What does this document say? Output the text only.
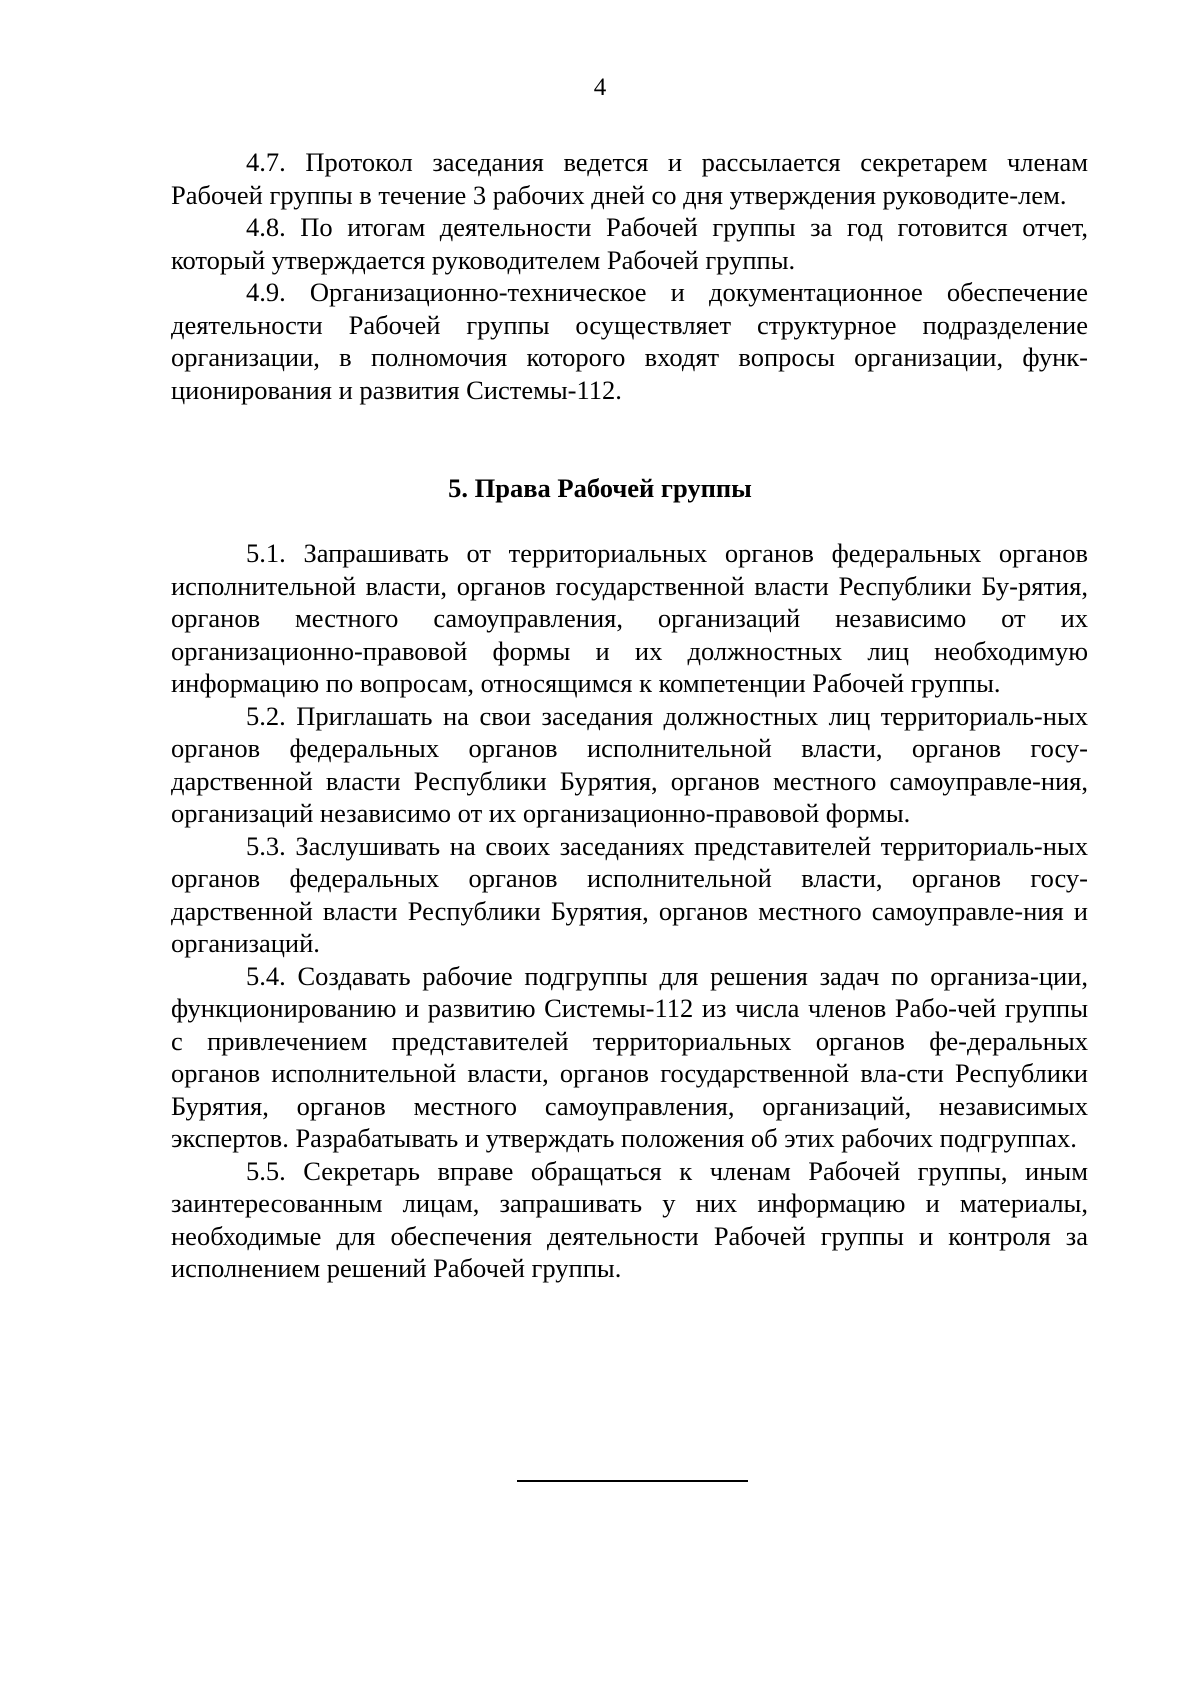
4

4.7. Протокол заседания ведется и рассылается секретарем членам Рабочей группы в течение 3 рабочих дней со дня утверждения руководите-лем.

4.8. По итогам деятельности Рабочей группы за год готовится отчет, который утверждается руководителем Рабочей группы.

4.9. Организационно-техническое и документационное обеспечение деятельности Рабочей группы осуществляет структурное подразделение организации, в полномочия которого входят вопросы организации, функ-ционирования и развития Системы-112.

5. Права Рабочей группы

5.1. Запрашивать от территориальных органов федеральных органов исполнительной власти, органов государственной власти Республики Бу-рятия, органов местного самоуправления, организаций независимо от их организационно-правовой формы и их должностных лиц необходимую информацию по вопросам, относящимся к компетенции Рабочей группы.

5.2. Приглашать на свои заседания должностных лиц территориаль-ных органов федеральных органов исполнительной власти, органов госу-дарственной власти Республики Бурятия, органов местного самоуправле-ния, организаций независимо от их организационно-правовой формы.

5.3. Заслушивать на своих заседаниях представителей территориаль-ных органов федеральных органов исполнительной власти, органов госу-дарственной власти Республики Бурятия, органов местного самоуправле-ния и организаций.

5.4. Создавать рабочие подгруппы для решения задач по организа-ции, функционированию и развитию Системы-112 из числа членов Рабо-чей группы с привлечением представителей территориальных органов фе-деральных органов исполнительной власти, органов государственной вла-сти Республики Бурятия, органов местного самоуправления, организаций, независимых экспертов. Разрабатывать и утверждать положения об этих рабочих подгруппах.

5.5. Секретарь вправе обращаться к членам Рабочей группы, иным заинтересованным лицам, запрашивать у них информацию и материалы, необходимые для обеспечения деятельности Рабочей группы и контроля за исполнением решений Рабочей группы.
